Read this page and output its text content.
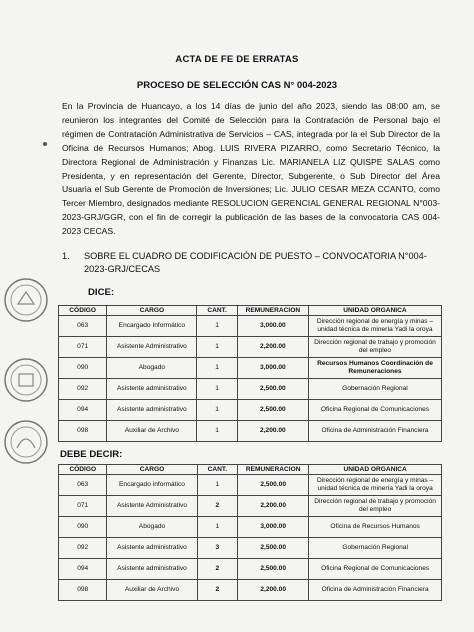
ACTA DE FE DE ERRATAS
PROCESO DE SELECCIÓN CAS N° 004-2023

En la Provincia de Huancayo, a los 14 días de junio del año 2023, siendo las 08:00 am, se reunieron los integrantes del Comité de Selección para la Contratación de Personal bajo el régimen de Contratación Administrativa de Servicios – CAS, integrada por la el Sub Director de la Oficina de Recursos Humanos; Abog. LUIS RIVERA PIZARRO, como Secretario Técnico, la Directora Regional de Administración y Finanzas Lic. MARIANELA LIZ QUISPE SALAS como Presidenta, y en representación del Gerente, Director, Subgerente, o Sub Director del Área Usuaria el Sub Gerente de Promoción de Inversiones; Lic. JULIO CESAR MEZA CCANTO, como Tercer Miembro, designados mediante RESOLUCION GERENCIAL GENERAL REGIONAL N°003-2023-GRJ/GGR, con el fin de corregir la publicación de las bases de la convocatoria CAS 004-2023 CECAS.

1.	SOBRE EL CUADRO DE CODIFICACIÓN DE PUESTO – CONVOCATORIA N°004-2023-GRJ/CECAS
DICE:
CÓDIGO	CARGO	CANT.	REMUNERACION	UNIDAD ORGANICA
063	Encargado Informático	1	3,000.00	Dirección regional de energía y minas – unidad técnica de minería Yadi la oroya
071	Asistente Administrativo	1	2,200.00	Dirección regional de trabajo y promoción del empleo
090	Abogado	1	3,000.00	Recursos Humanos Coordinación de Remuneraciones
092	Asistente administrativo	1	2,500.00	Gobernación Regional
094	Asistente administrativo	1	2,500.00	Oficina Regional de Comunicaciones
098	Auxiliar de Archivo	1	2,200.00	Oficina de Administración Financiera
DEBE DECIR:
CÓDIGO	CARGO	CANT.	REMUNERACION	UNIDAD ORGANICA
063	Encargado informático	1	2,500.00	Dirección regional de energía y minas – unidad técnica de minería Yadi la oroya
071	Asistente Administrativo	2	2,200.00	Dirección regional de trabajo y promoción del empleo
090	Abogado	1	3,000.00	Oficina de Recursos Humanos
092	Asistente administrativo	3	2,500.00	Gobernación Regional
094	Asistente administrativo	2	2,500.00	Oficina Regional de Comunicaciones
098	Auxiliar de Archivo	2	2,200.00	Oficina de Administración Financiera
